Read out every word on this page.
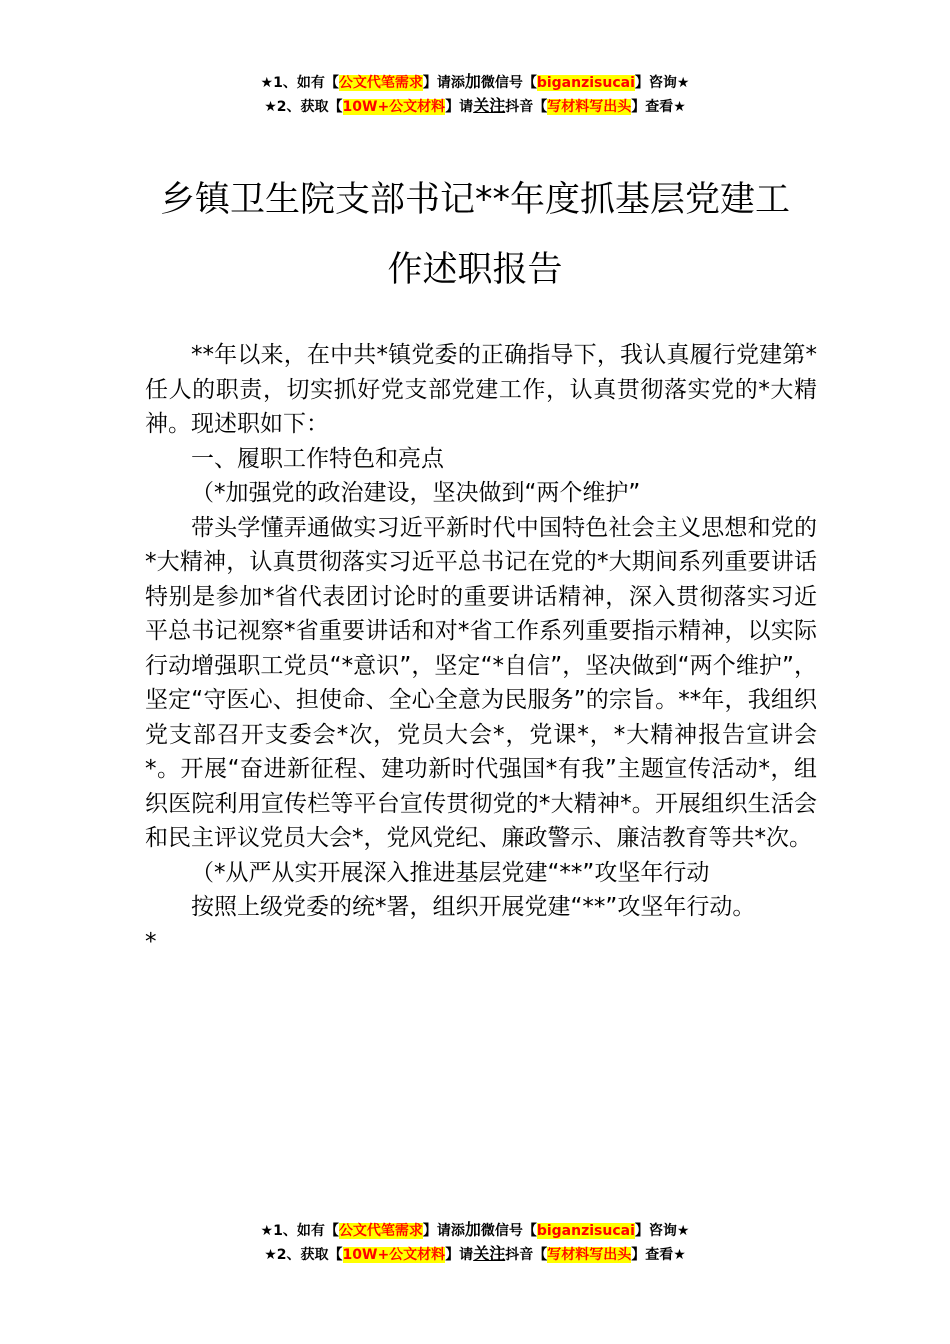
★1、如有【公文代笔需求】请添加微信号【biganzisucai】咨询★
★2、获取【10W+公文材料】请关注抖音【写材料写出头】查看★
乡镇卫生院支部书记**年度抓基层党建工
作述职报告

**年以来，在中共*镇党委的正确指导下，我认真履行党建第*任人的职责，切实抓好党支部党建工作，认真贯彻落实党的*大精神。现述职如下：

一、履职工作特色和亮点

（*加强党的政治建设，坚决做到“两个维护”

带头学懂弄通做实习近平新时代中国特色社会主义思想和党的*大精神，认真贯彻落实习近平总书记在党的*大期间系列重要讲话特别是参加*省代表团讨论时的重要讲话精神，深入贯彻落实习近平总书记视察*省重要讲话和对*省工作系列重要指示精神，以实际行动增强职工党员“*意识”，坚定“*自信”，坚决做到“两个维护”，坚定“守医心、担使命、全心全意为民服务”的宗旨。**年，我组织党支部召开支委会*次，党员大会*，党课*，*大精神报告宣讲会*。开展“奋进新征程、建功新时代强国*有我”主题宣传活动*，组织医院利用宣传栏等平台宣传贯彻党的*大精神*。开展组织生活会和民主评议党员大会*，党风党纪、廉政警示、廉洁教育等共*次。

（*从严从实开展深入推进基层党建“**”攻坚年行动

按照上级党委的统*署，组织开展党建“**”攻坚年行动。

*

★1、如有【公文代笔需求】请添加微信号【biganzisucai】咨询★
★2、获取【10W+公文材料】请关注抖音【写材料写出头】查看★
